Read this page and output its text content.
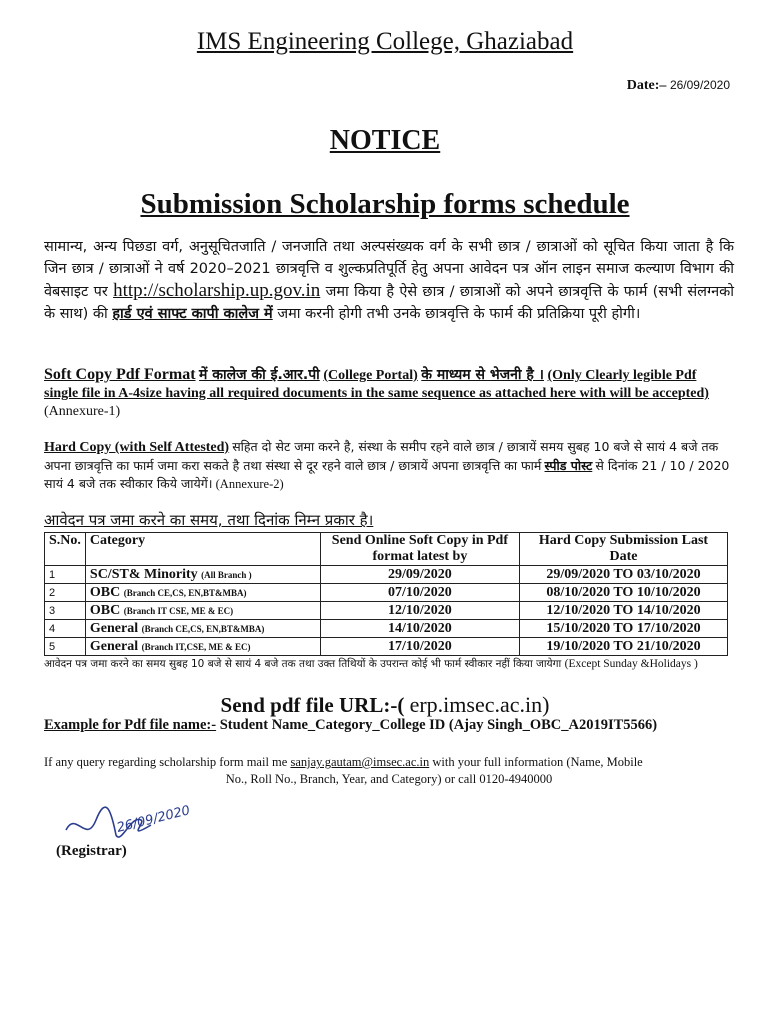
IMS Engineering College, Ghaziabad
Date:– 26/09/2020
NOTICE
Submission Scholarship forms schedule
सामान्य, अन्य पिछडा वर्ग, अनुसूचितजाति / जनजाति तथा अल्पसंख्यक वर्ग के सभी छात्र / छात्राओं को सूचित किया जाता है कि जिन छात्र / छात्राओं ने वर्ष 2020–2021 छात्रवृत्ति व शुल्कप्रतिपूर्ति हेतु अपना आवेदन पत्र ऑन लाइन समाज कल्याण विभाग की वेबसाइट पर http://scholarship.up.gov.in जमा किया है ऐसे छात्र / छात्राओं को अपने छात्रवृत्ति के फार्म (सभी संलग्नको के साथ) की हार्ड एवं साफ्ट कापी कालेज में जमा करनी होगी तभी उनके छात्रवृत्ति के फार्म की प्रतिक्रिया पूरी होगी।
Soft Copy Pdf Format में कालेज की ई.आर.पी (College Portal) के माध्यम से भेजनी है । (Only Clearly legible Pdf single file in A-4size having all required documents in the same sequence as attached here with will be accepted) (Annexure-1)
Hard Copy (with Self Attested) सहित दो सेट जमा करने है, संस्था के समीप रहने वाले छात्र / छात्रायें समय सुबह 10 बजे से सायं 4 बजे तक अपना छात्रवृत्ति का फार्म जमा करा सकते है तथा संस्था से दूर रहने वाले छात्र / छात्रायें अपना छात्रवृत्ति का फार्म स्पीड पोस्ट से दिनांक 21 / 10 / 2020 सायं 4 बजे तक स्वीकार किये जायेगें। (Annexure-2)
आवेदन पत्र जमा करने का समय, तथा दिनांक निम्न प्रकार है।
S.No.	Category	Send Online Soft Copy in Pdf format latest by	Hard Copy Submission Last Date
1	SC/ST& Minority (All Branch )	29/09/2020	29/09/2020 TO 03/10/2020
2	OBC (Branch CE,CS, EN,BT&MBA)	07/10/2020	08/10/2020 TO 10/10/2020
3	OBC (Branch IT CSE, ME & EC)	12/10/2020	12/10/2020 TO 14/10/2020
4	General (Branch CE,CS, EN,BT&MBA)	14/10/2020	15/10/2020 TO 17/10/2020
5	General (Branch IT,CSE, ME & EC)	17/10/2020	19/10/2020 TO 21/10/2020
आवेदन पत्र जमा करने का समय सुबह 10 बजे से सायं 4 बजे तक तथा उक्त तिथियों के उपरान्त कोई भी फार्म स्वीकार नहीं किया जायेगा (Except Sunday &Holidays )
Send pdf file URL:-( erp.imsec.ac.in)
Example for Pdf file name:- Student Name_Category_College ID (Ajay Singh_OBC_A2019IT5566)
If any query regarding scholarship form mail me sanjay.gautam@imsec.ac.in with your full information (Name, Mobile
No., Roll No., Branch, Year, and Category) or call 0120-4940000
26/09/2020
(Registrar)
